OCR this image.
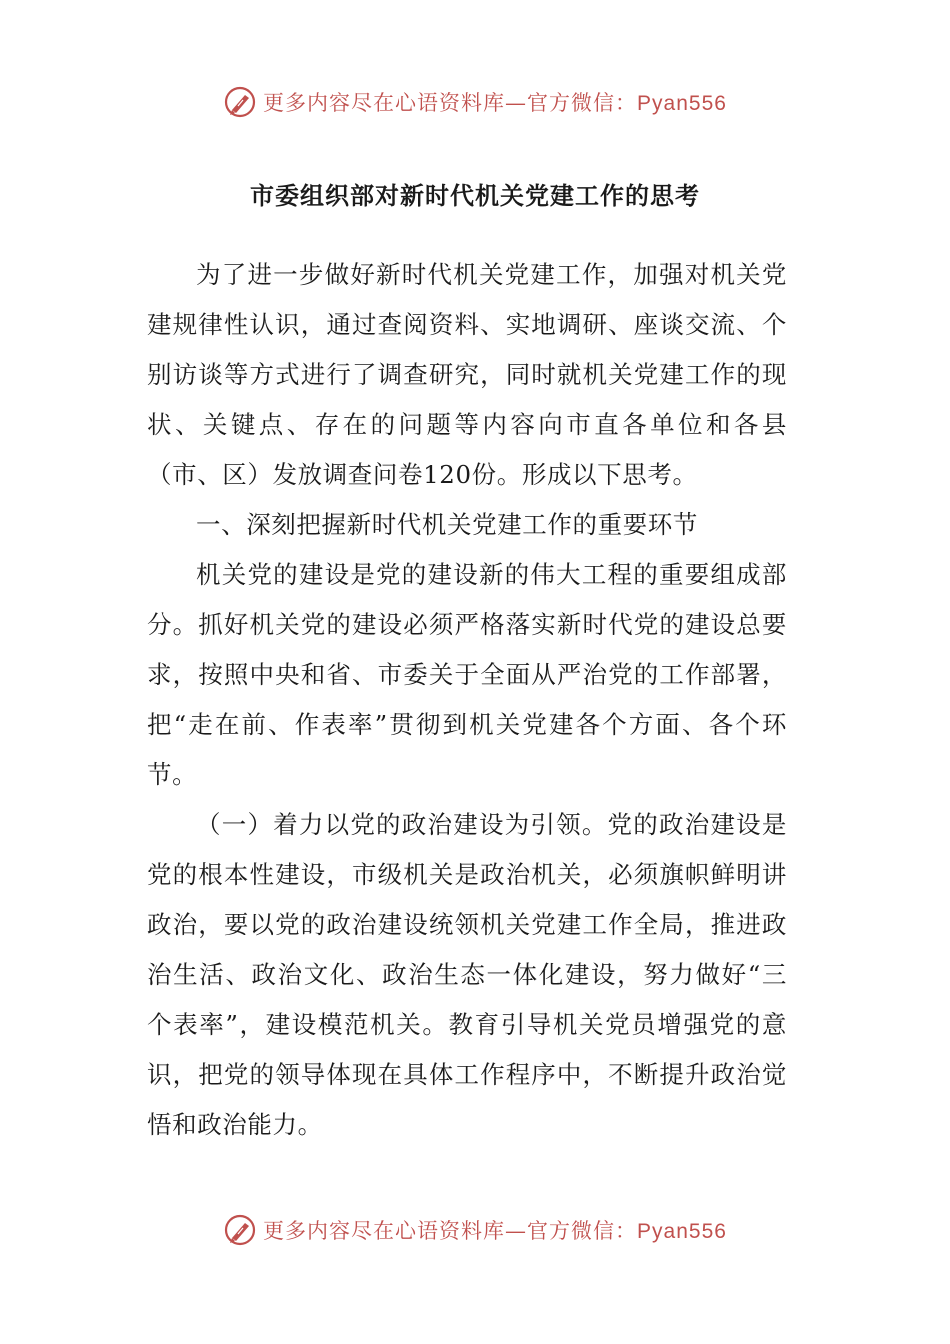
更多内容尽在心语资料库—官方微信：Pyan556
市委组织部对新时代机关党建工作的思考

为了进一步做好新时代机关党建工作，加强对机关党建规律性认识，通过查阅资料、实地调研、座谈交流、个别访谈等方式进行了调查研究，同时就机关党建工作的现状、关键点、存在的问题等内容向市直各单位和各县（市、区）发放调查问卷120份。形成以下思考。

一、深刻把握新时代机关党建工作的重要环节

机关党的建设是党的建设新的伟大工程的重要组成部分。抓好机关党的建设必须严格落实新时代党的建设总要求，按照中央和省、市委关于全面从严治党的工作部署，把“走在前、作表率”贯彻到机关党建各个方面、各个环节。

（一）着力以党的政治建设为引领。党的政治建设是党的根本性建设，市级机关是政治机关，必须旗帜鲜明讲政治，要以党的政治建设统领机关党建工作全局，推进政治生活、政治文化、政治生态一体化建设，努力做好“三个表率”，建设模范机关。教育引导机关党员增强党的意识，把党的领导体现在具体工作程序中，不断提升政治觉悟和政治能力。

更多内容尽在心语资料库—官方微信：Pyan556
